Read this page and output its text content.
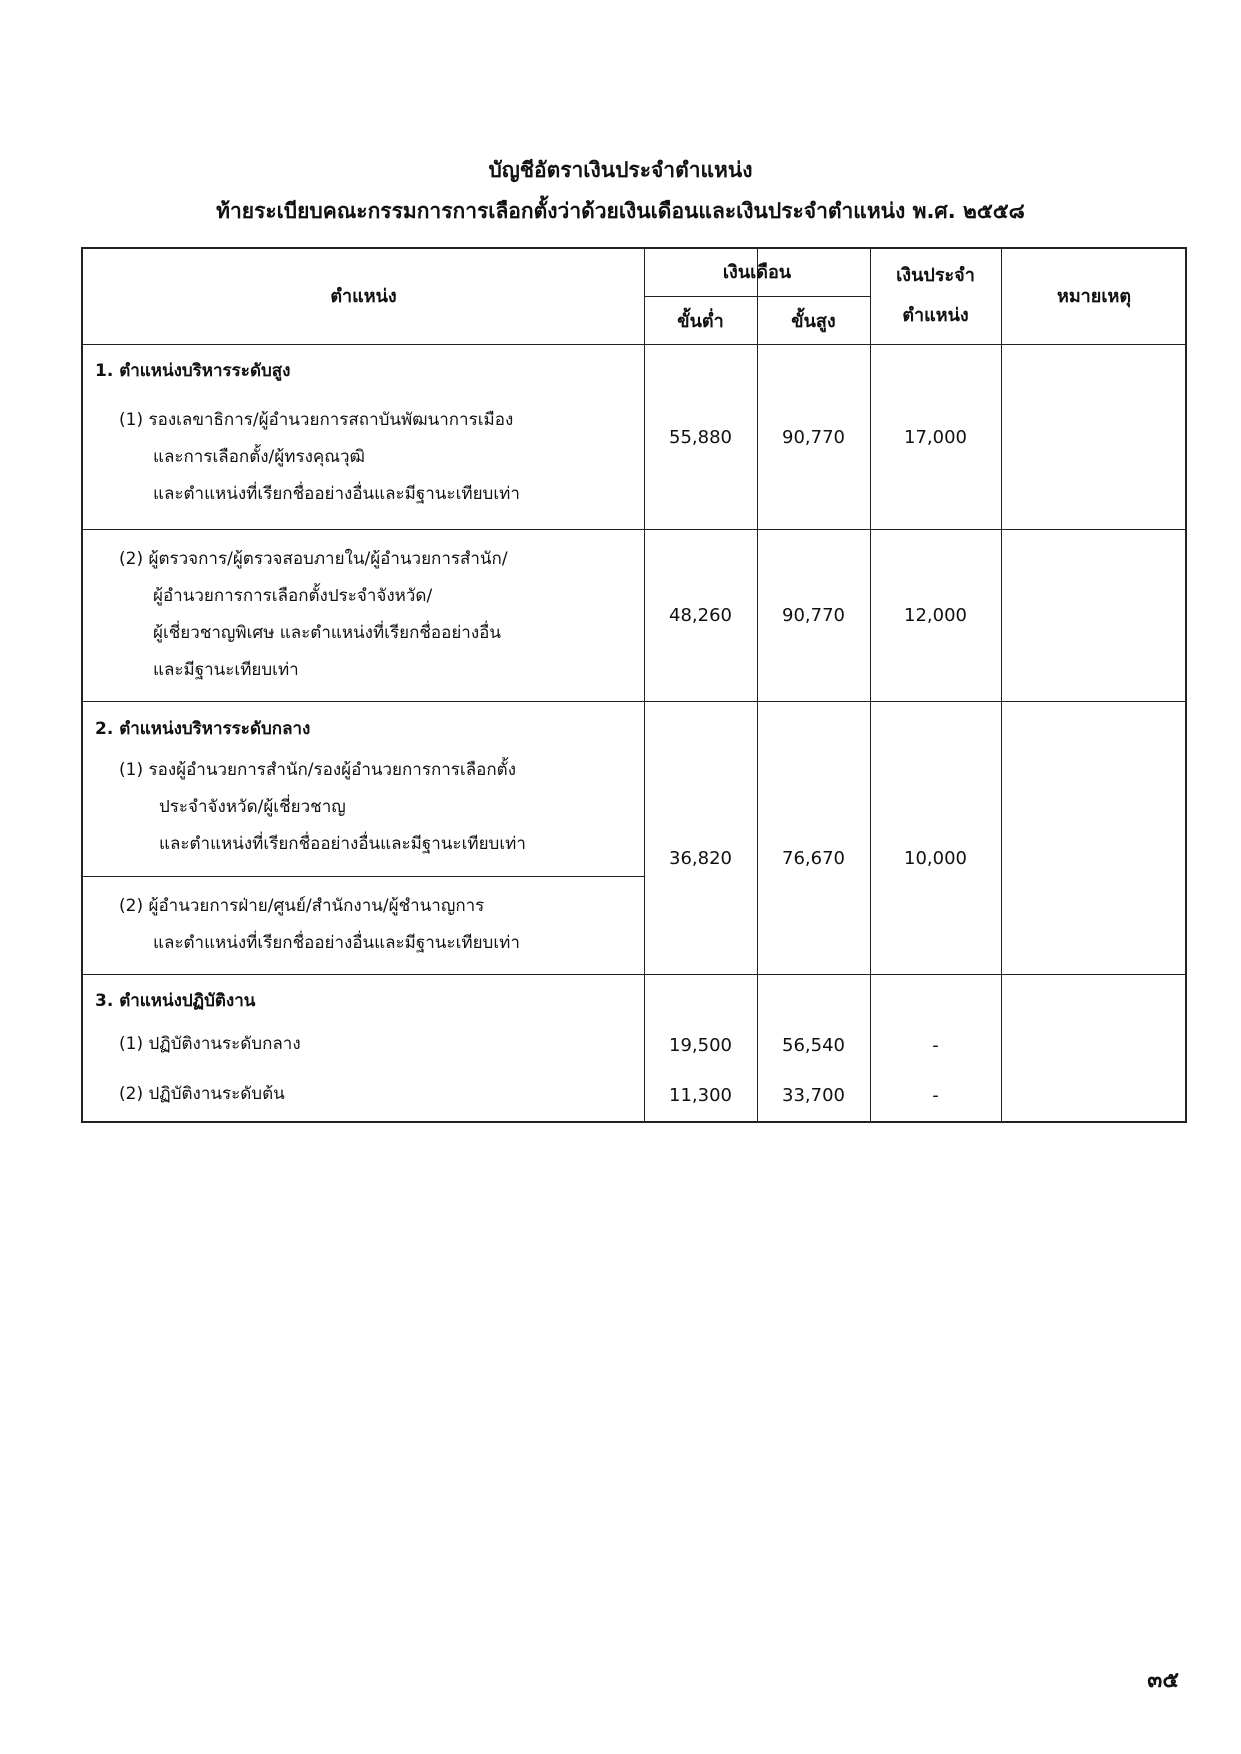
บัญชีอัตราเงินประจำตำแหน่ง
ท้ายระเบียบคณะกรรมการการเลือกตั้งว่าด้วยเงินเดือนและเงินประจำตำแหน่ง พ.ศ. ๒๕๕๘
ตำแหน่ง
เงินเดือน
ขั้นต่ำ	ขั้นสูง
เงินประจำ
ตำแหน่ง
หมายเหตุ
1. ตำแหน่งบริหารระดับสูง
(1) รองเลขาธิการ/ผู้อำนวยการสถาบันพัฒนาการเมือง
และการเลือกตั้ง/ผู้ทรงคุณวุฒิ
และตำแหน่งที่เรียกชื่ออย่างอื่นและมีฐานะเทียบเท่า
55,880	90,770	17,000
(2) ผู้ตรวจการ/ผู้ตรวจสอบภายใน/ผู้อำนวยการสำนัก/
ผู้อำนวยการการเลือกตั้งประจำจังหวัด/
ผู้เชี่ยวชาญพิเศษ และตำแหน่งที่เรียกชื่ออย่างอื่น
และมีฐานะเทียบเท่า
48,260	90,770	12,000
2. ตำแหน่งบริหารระดับกลาง
(1) รองผู้อำนวยการสำนัก/รองผู้อำนวยการการเลือกตั้ง
ประจำจังหวัด/ผู้เชี่ยวชาญ
และตำแหน่งที่เรียกชื่ออย่างอื่นและมีฐานะเทียบเท่า
(2) ผู้อำนวยการฝ่าย/ศูนย์/สำนักงาน/ผู้ชำนาญการ
และตำแหน่งที่เรียกชื่ออย่างอื่นและมีฐานะเทียบเท่า
36,820	76,670	10,000
3. ตำแหน่งปฏิบัติงาน
(1) ปฏิบัติงานระดับกลาง	19,500	56,540	-
(2) ปฏิบัติงานระดับต้น	11,300	33,700	-
๓๕
